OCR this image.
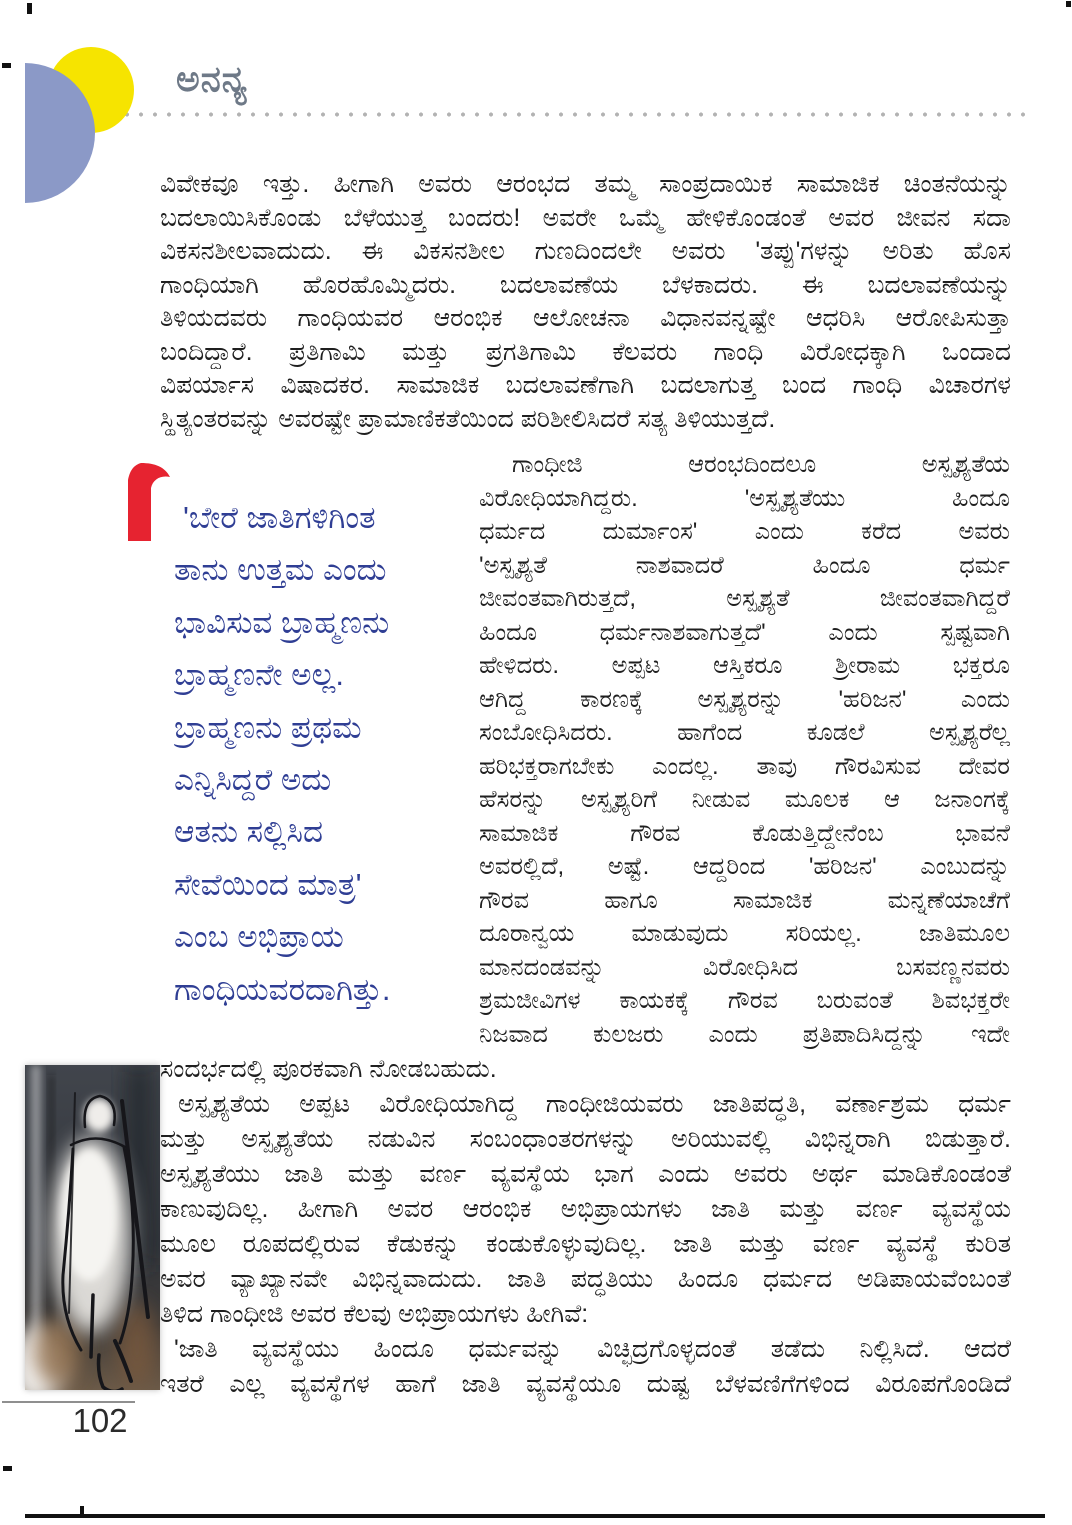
ಅನನ್ಯ
ವಿವೇಕವೂ ಇತ್ತು. ಹೀಗಾಗಿ ಅವರು ಆರಂಭದ ತಮ್ಮ ಸಾಂಪ್ರದಾಯಿಕ ಸಾಮಾಜಿಕ ಚಿಂತನೆಯನ್ನು
ಬದಲಾಯಿಸಿಕೊಂಡು ಬೆಳೆಯುತ್ತ ಬಂದರು! ಅವರೇ ಒಮ್ಮೆ ಹೇಳಿಕೊಂಡಂತೆ ಅವರ ಜೀವನ ಸದಾ
ವಿಕಸನಶೀಲವಾದುದು. ಈ ವಿಕಸನಶೀಲ ಗುಣದಿಂದಲೇ ಅವರು 'ತಪ್ಪು'ಗಳನ್ನು ಅರಿತು ಹೊಸ
ಗಾಂಧಿಯಾಗಿ ಹೊರಹೊಮ್ಮಿದರು. ಬದಲಾವಣೆಯ ಬೆಳಕಾದರು. ಈ ಬದಲಾವಣೆಯನ್ನು
ತಿಳಿಯದವರು ಗಾಂಧಿಯವರ ಆರಂಭಿಕ ಆಲೋಚನಾ ವಿಧಾನವನ್ನಷ್ಟೇ ಆಧರಿಸಿ ಆರೋಪಿಸುತ್ತಾ
ಬಂದಿದ್ದಾರೆ. ಪ್ರತಿಗಾಮಿ ಮತ್ತು ಪ್ರಗತಿಗಾಮಿ ಕೆಲವರು ಗಾಂಧಿ ವಿರೋಧಕ್ಕಾಗಿ ಒಂದಾದ
ವಿಪರ್ಯಾಸ ವಿಷಾದಕರ. ಸಾಮಾಜಿಕ ಬದಲಾವಣೆಗಾಗಿ ಬದಲಾಗುತ್ತ ಬಂದ ಗಾಂಧಿ ವಿಚಾರಗಳ
ಸ್ಥಿತ್ಯಂತರವನ್ನು ಅವರಷ್ಟೇ ಪ್ರಾಮಾಣಿಕತೆಯಿಂದ ಪರಿಶೀಲಿಸಿದರೆ ಸತ್ಯ ತಿಳಿಯುತ್ತದೆ.
'ಬೇರೆ ಜಾತಿಗಳಿಗಿಂತ
ತಾನು ಉತ್ತಮ ಎಂದು
ಭಾವಿಸುವ ಬ್ರಾಹ್ಮಣನು
ಬ್ರಾಹ್ಮಣನೇ ಅಲ್ಲ.
ಬ್ರಾಹ್ಮಣನು ಪ್ರಥಮ
ಎನ್ನಿಸಿದ್ದರೆ ಅದು
ಆತನು ಸಲ್ಲಿಸಿದ
ಸೇವೆಯಿಂದ ಮಾತ್ರ'
ಎಂಬ ಅಭಿಪ್ರಾಯ
ಗಾಂಧಿಯವರದಾಗಿತ್ತು.
ಗಾಂಧೀಜಿ ಆರಂಭದಿಂದಲೂ ಅಸ್ಪೃಶ್ಯತೆಯ
ವಿರೋಧಿಯಾಗಿದ್ದರು. 'ಅಸ್ಪೃಶ್ಯತೆಯು ಹಿಂದೂ
ಧರ್ಮದ ದುರ್ಮಾಂಸ' ಎಂದು ಕರೆದ ಅವರು
'ಅಸ್ಪೃಶ್ಯತೆ ನಾಶವಾದರೆ ಹಿಂದೂ ಧರ್ಮ
ಜೀವಂತವಾಗಿರುತ್ತದೆ, ಅಸ್ಪೃಶ್ಯತೆ ಜೀವಂತವಾಗಿದ್ದರೆ
ಹಿಂದೂ ಧರ್ಮನಾಶವಾಗುತ್ತದೆ' ಎಂದು ಸ್ಪಷ್ಟವಾಗಿ
ಹೇಳಿದರು. ಅಪ್ಪಟ ಆಸ್ತಿಕರೂ ಶ್ರೀರಾಮ ಭಕ್ತರೂ
ಆಗಿದ್ದ ಕಾರಣಕ್ಕೆ ಅಸ್ಪೃಶ್ಯರನ್ನು 'ಹರಿಜನ' ಎಂದು
ಸಂಬೋಧಿಸಿದರು. ಹಾಗೆಂದ ಕೂಡಲೆ ಅಸ್ಪೃಶ್ಯರೆಲ್ಲ
ಹರಿಭಕ್ತರಾಗಬೇಕು ಎಂದಲ್ಲ. ತಾವು ಗೌರವಿಸುವ ದೇವರ
ಹೆಸರನ್ನು ಅಸ್ಪೃಶ್ಯರಿಗೆ ನೀಡುವ ಮೂಲಕ ಆ ಜನಾಂಗಕ್ಕೆ
ಸಾಮಾಜಿಕ ಗೌರವ ಕೊಡುತ್ತಿದ್ದೇನೆಂಬ ಭಾವನೆ
ಅವರಲ್ಲಿದೆ, ಅಷ್ಟೆ. ಆದ್ದರಿಂದ 'ಹರಿಜನ' ಎಂಬುದನ್ನು
ಗೌರವ ಹಾಗೂ ಸಾಮಾಜಿಕ ಮನ್ನಣೆಯಾಚೆಗೆ
ದೂರಾನ್ವಯ ಮಾಡುವುದು ಸರಿಯಲ್ಲ. ಜಾತಿಮೂಲ
ಮಾನದಂಡವನ್ನು ವಿರೋಧಿಸಿದ ಬಸವಣ್ಣನವರು
ಶ್ರಮಜೀವಿಗಳ ಕಾಯಕಕ್ಕೆ ಗೌರವ ಬರುವಂತೆ ಶಿವಭಕ್ತರೇ
ನಿಜವಾದ ಕುಲಜರು ಎಂದು ಪ್ರತಿಪಾದಿಸಿದ್ದನ್ನು ಇದೇ
ಸಂದರ್ಭದಲ್ಲಿ ಪೂರಕವಾಗಿ ನೋಡಬಹುದು.
ಅಸ್ಪೃಶ್ಯತೆಯ ಅಪ್ಪಟ ವಿರೋಧಿಯಾಗಿದ್ದ ಗಾಂಧೀಜಿಯವರು ಜಾತಿಪದ್ಧತಿ, ವರ್ಣಾಶ್ರಮ ಧರ್ಮ
ಮತ್ತು ಅಸ್ಪೃಶ್ಯತೆಯ ನಡುವಿನ ಸಂಬಂಧಾಂತರಗಳನ್ನು ಅರಿಯುವಲ್ಲಿ ವಿಭಿನ್ನರಾಗಿ ಬಿಡುತ್ತಾರೆ.
ಅಸ್ಪೃಶ್ಯತೆಯು ಜಾತಿ ಮತ್ತು ವರ್ಣ ವ್ಯವಸ್ಥೆಯ ಭಾಗ ಎಂದು ಅವರು ಅರ್ಥ ಮಾಡಿಕೊಂಡಂತೆ
ಕಾಣುವುದಿಲ್ಲ. ಹೀಗಾಗಿ ಅವರ ಆರಂಭಿಕ ಅಭಿಪ್ರಾಯಗಳು ಜಾತಿ ಮತ್ತು ವರ್ಣ ವ್ಯವಸ್ಥೆಯ
ಮೂಲ ರೂಪದಲ್ಲಿರುವ ಕೆಡುಕನ್ನು ಕಂಡುಕೊಳ್ಳುವುದಿಲ್ಲ. ಜಾತಿ ಮತ್ತು ವರ್ಣ ವ್ಯವಸ್ಥೆ ಕುರಿತ
ಅವರ ವ್ಯಾಖ್ಯಾನವೇ ವಿಭಿನ್ನವಾದುದು. ಜಾತಿ ಪದ್ಧತಿಯು ಹಿಂದೂ ಧರ್ಮದ ಅಡಿಪಾಯವೆಂಬಂತೆ
ತಿಳಿದ ಗಾಂಧೀಜಿ ಅವರ ಕೆಲವು ಅಭಿಪ್ರಾಯಗಳು ಹೀಗಿವೆ:
'ಜಾತಿ ವ್ಯವಸ್ಥೆಯು ಹಿಂದೂ ಧರ್ಮವನ್ನು ವಿಚ್ಛಿದ್ರಗೊಳ್ಳದಂತೆ ತಡೆದು ನಿಲ್ಲಿಸಿದೆ. ಆದರೆ
ಇತರೆ ಎಲ್ಲ ವ್ಯವಸ್ಥೆಗಳ ಹಾಗೆ ಜಾತಿ ವ್ಯವಸ್ಥೆಯೂ ದುಷ್ಟ ಬೆಳವಣಿಗೆಗಳಿಂದ ವಿರೂಪಗೊಂಡಿದೆ
102
